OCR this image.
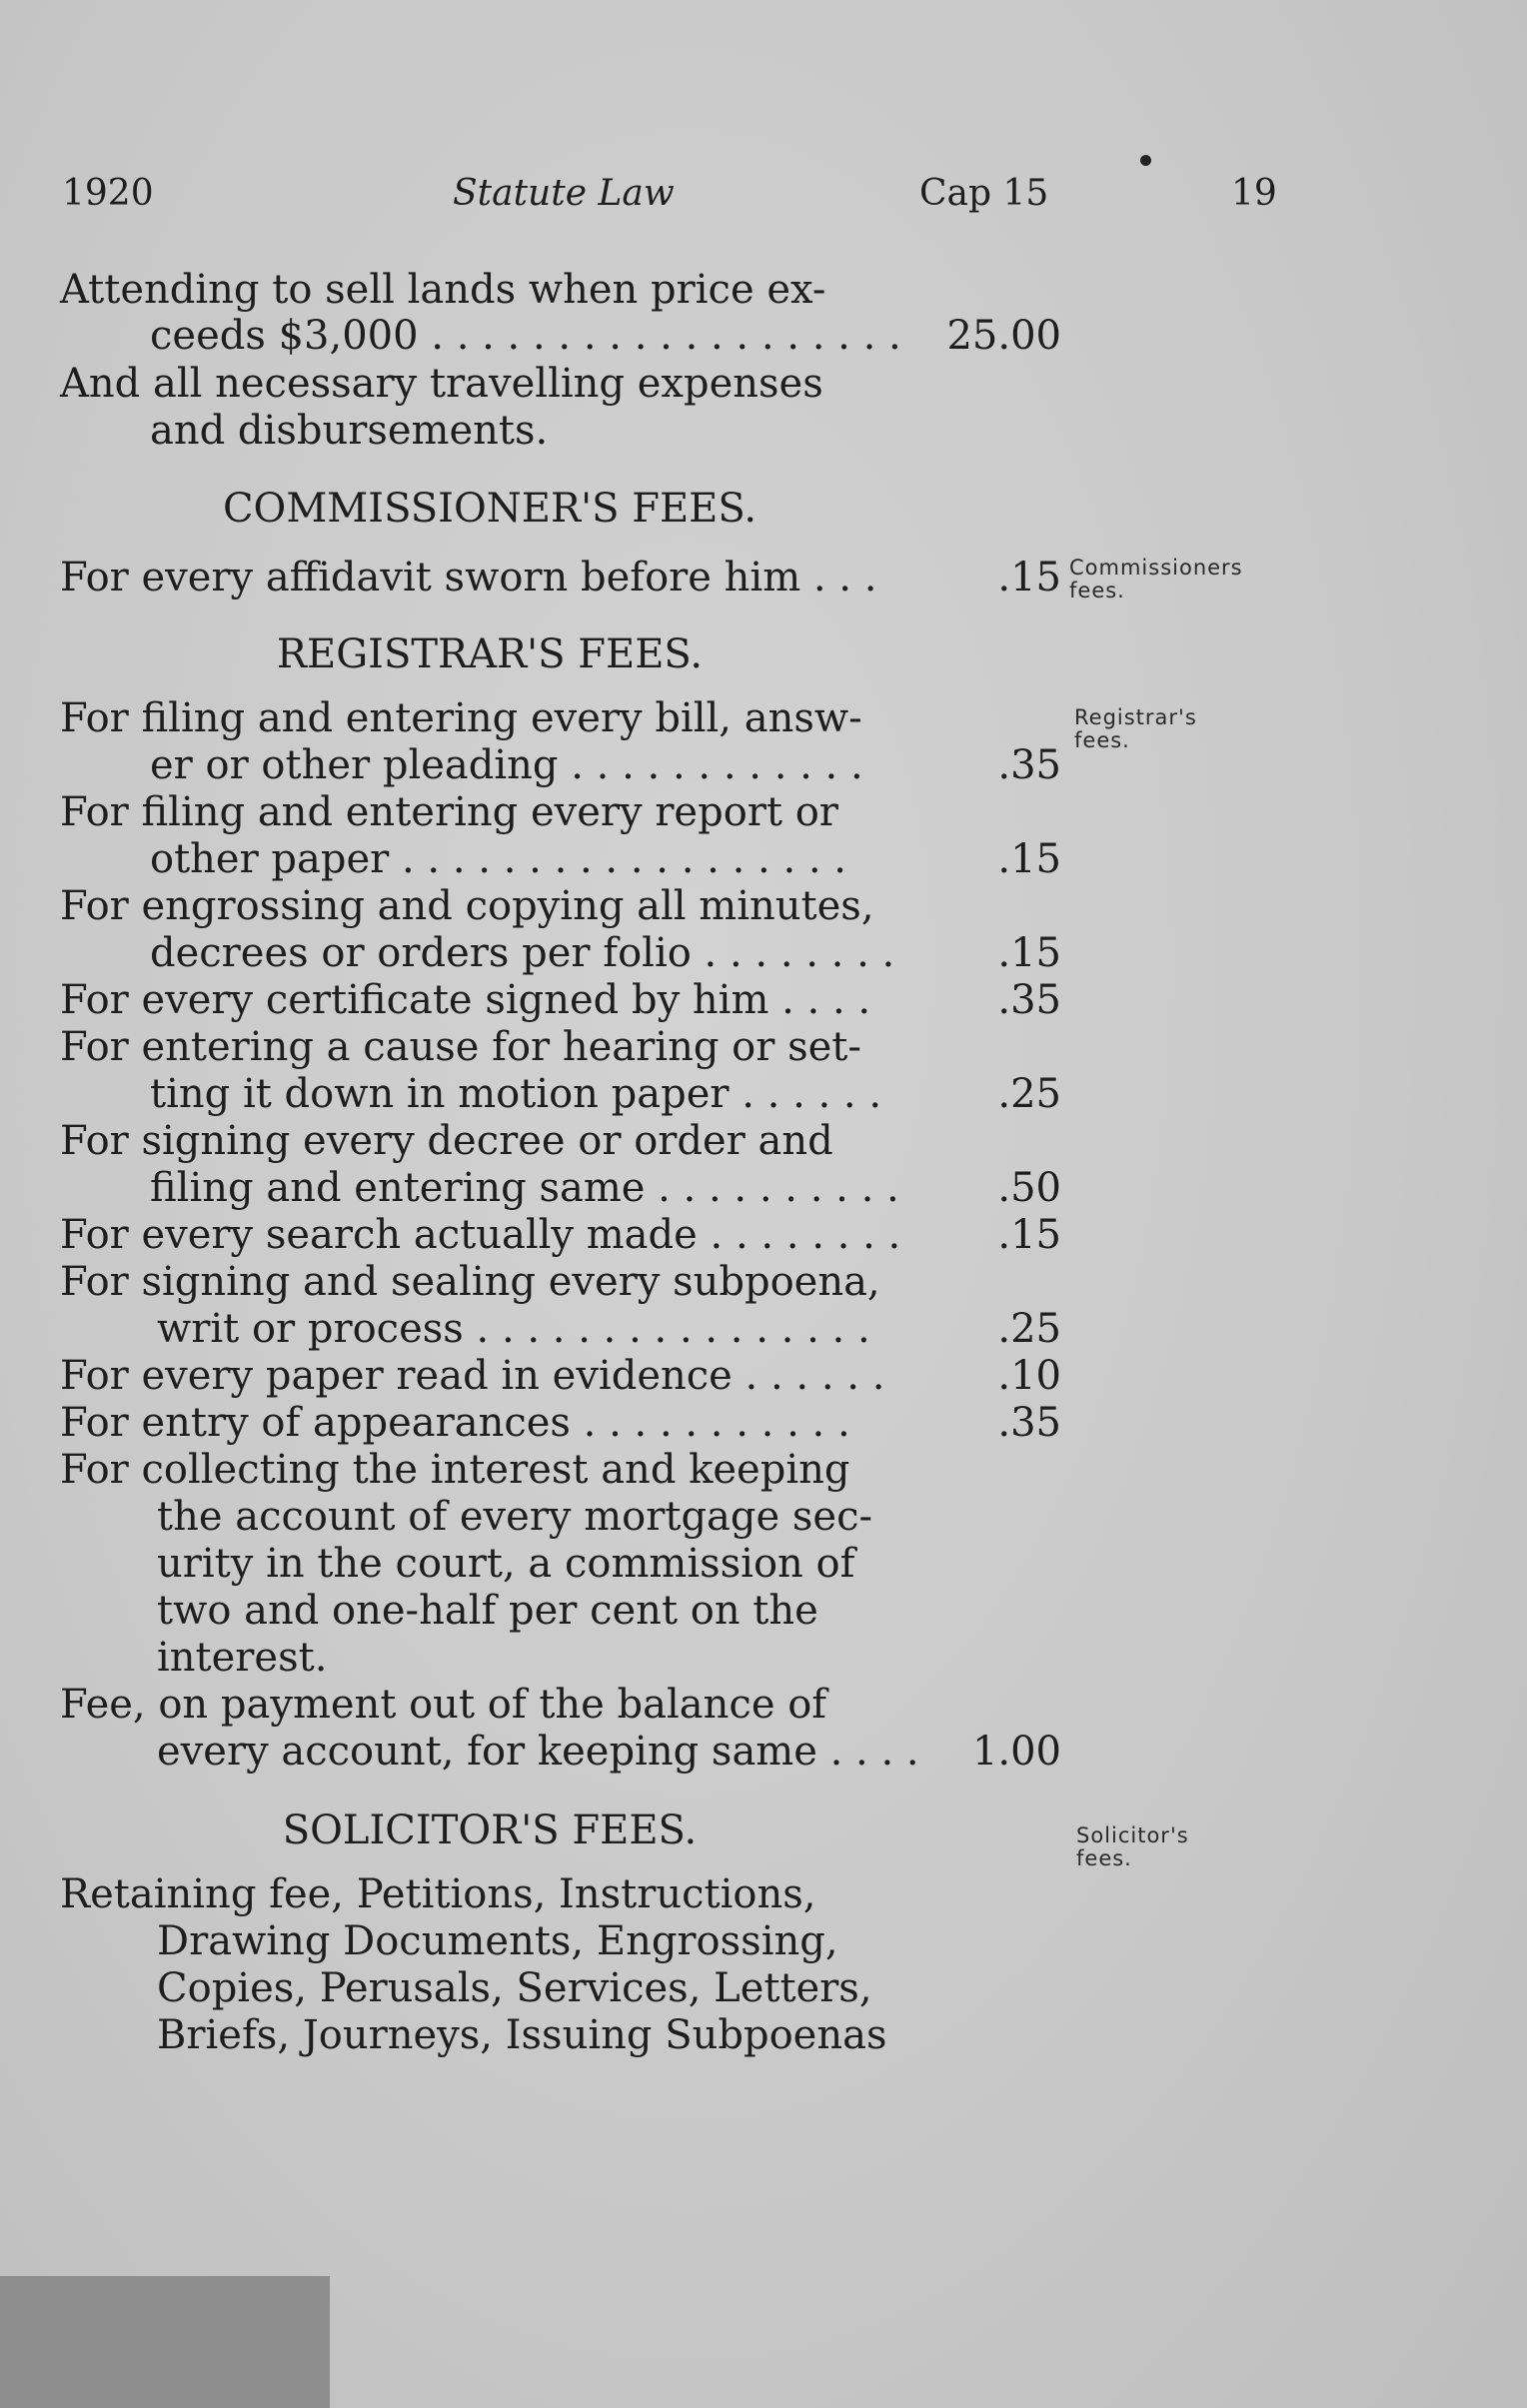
1920	Statute Law	Cap 15	19
Attending to sell lands when price ex-
ceeds $3,000 . . . . . . . . . . . . . . . . . . . 25.00
And all necessary travelling expenses
and disbursements.
COMMISSIONER'S FEES.
For every affidavit sworn before him . . .	.15 Commissioners
fees.
REGISTRAR'S FEES.
Registrar's
fees.
For filing and entering every bill, answ-
er or other pleading . . . . . . . . . . . .	.35
For filing and entering every report or
other paper . . . . . . . . . . . . . . . . . .	.15
For engrossing and copying all minutes,
decrees or orders per folio . . . . . . . .	.15
For every certificate signed by him . . . .	.35
For entering a cause for hearing or set-
ting it down in motion paper . . . . . .	.25
For signing every decree or order and
filing and entering same . . . . . . . . . . .50
For every search actually made . . . . . . . . .15
For signing and sealing every subpoena,
writ or process . . . . . . . . . . . . . . . .	.25
For every paper read in evidence . . . . . .	.10
For entry of appearances . . . . . . . . . . .	.35
For collecting the interest and keeping
the account of every mortgage sec-
urity in the court, a commission of
two and one-half per cent on the
interest.
Fee, on payment out of the balance of
every account, for keeping same . . . . 1.00
SOLICITOR'S FEES.	Solicitor's
fees.
Retaining fee, Petitions, Instructions,
Drawing Documents, Engrossing,
Copies, Perusals, Services, Letters,
Briefs, Journeys, Issuing Subpoenas
